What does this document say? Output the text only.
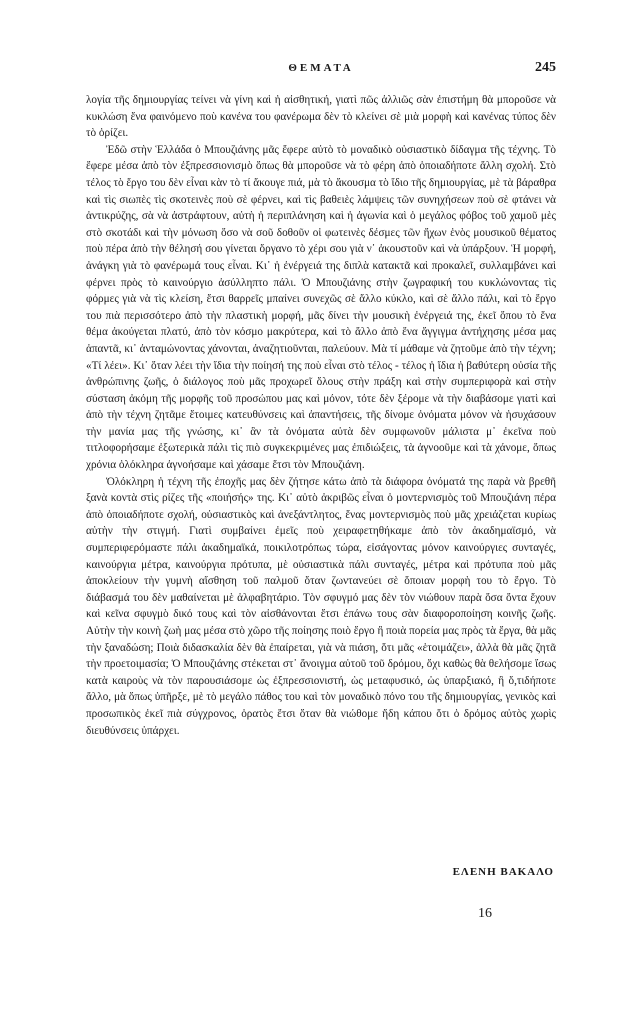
ΘΕΜΑΤΑ	245

λογία τῆς δημιουργίας τείνει νὰ γίνη καὶ ἡ αἰσθητική, γιατὶ πῶς ἀλλιῶς σὰν ἐπιστήμη θὰ μποροῦσε νὰ κυκλώση ἕνα φαινόμενο ποὺ κανένα του φανέρωμα δὲν τὸ κλείνει σὲ μιὰ μορφὴ καὶ κανένας τύπος δὲν τὸ ὁρίζει.

Ἐδῶ στὴν Ἑλλάδα ὁ Μπουζιάνης μᾶς ἔφερε αὐτὸ τὸ μοναδικὸ οὐσιαστικὸ δίδαγμα τῆς τέχνης. Τὸ ἔφερε μέσα ἀπὸ τὸν ἐξπρεσσιονισμὸ ὅπως θὰ μποροῦσε νὰ τὸ φέρη ἀπὸ ὁποιαδήποτε ἄλλη σχολή. Στὸ τέλος τὸ ἔργο του δὲν εἶναι κὰν τὸ τί ἄκουγε πιά, μὰ τὸ ἄκουσμα τὸ ἴδιο τῆς δημιουργίας, μὲ τὰ βάραθρα καὶ τὶς σιωπὲς τὶς σκοτεινὲς ποὺ σὲ φέρνει, καὶ τὶς βαθειὲς λάμψεις τῶν συνηχήσεων ποὺ σὲ φτάνει νὰ ἀντικρύζης, σὰ νὰ ἀστράφτουν, αὐτὴ ἡ περιπλάνηση καὶ ἡ ἀγωνία καὶ ὁ μεγάλος φόβος τοῦ χαμοῦ μὲς στὸ σκοτάδι καὶ τὴν μόνωση ὅσο νὰ σοῦ δοθοῦν οἱ φωτεινὲς δέσμες τῶν ἤχων ἑνὸς μουσικοῦ θέματος ποὺ πέρα ἀπὸ τὴν θέλησή σου γίνεται ὄργανο τὸ χέρι σου γιὰ ν᾿ ἀκουστοῦν καὶ νὰ ὑπάρξουν. Ἡ μορφή, ἀνάγκη γιὰ τὸ φανέρωμά τους εἶναι. Κι᾿ ἡ ἐνέργειά της διπλὰ κατακτᾶ καὶ προκαλεῖ, συλλαμβάνει καὶ φέρνει πρὸς τὸ καινούργιο ἀσύλληπτο πάλι. Ὁ Μπουζιάνης στὴν ζωγραφική του κυκλώνοντας τὶς φόρμες γιὰ νὰ τὶς κλείση, ἔτσι θαρρεῖς μπαίνει συνεχῶς σὲ ἄλλο κύκλο, καὶ σὲ ἄλλο πάλι, καὶ τὸ ἔργο του πιὰ περισσότερο ἀπὸ τὴν πλαστικὴ μορφή, μᾶς δίνει τὴν μουσικὴ ἐνέργειά της, ἐκεῖ ὅπου τὸ ἕνα θέμα ἀκούγεται πλατύ, ἀπὸ τὸν κόσμο μακρύτερα, καὶ τὸ ἄλλο ἀπὸ ἕνα ἄγγιγμα ἀντήχησης μέσα μας ἀπαντᾶ, κι᾿ ἀνταμώνοντας χάνονται, ἀναζητιοῦνται, παλεύουν. Μὰ τί μάθαμε νὰ ζητοῦμε ἀπὸ τὴν τέχνη; «Τί λέει». Κι᾿ ὅταν λέει τὴν ἴδια τὴν ποίησή της ποὺ εἶναι στὸ τέλος - τέλος ἡ ἴδια ἡ βαθύτερη οὐσία τῆς ἀνθρώπινης ζωῆς, ὁ διάλογος ποὺ μᾶς προχωρεῖ ὅλους στὴν πράξη καὶ στὴν συμπεριφορὰ καὶ στὴν σύσταση ἀκόμη τῆς μορφῆς τοῦ προσώπου μας καὶ μόνον, τότε δὲν ξέρομε νὰ τὴν διαβάσομε γιατὶ καὶ ἀπὸ τὴν τέχνη ζητᾶμε ἕτοιμες κατευθύνσεις καὶ ἀπαντήσεις, τῆς δίνομε ὀνόματα μόνον νὰ ἡσυχάσουν τὴν μανία μας τῆς γνώσης, κι᾿ ἂν τὰ ὀνόματα αὐτὰ δὲν συμφωνοῦν μάλιστα μ᾿ ἐκεῖνα ποὺ τιτλοφορήσαμε ἐξωτερικὰ πάλι τὶς πιὸ συγκεκριμένες μας ἐπιδιώξεις, τὰ ἀγνοοῦμε καὶ τὰ χάνομε, ὅπως χρόνια ὁλόκληρα ἀγνοήσαμε καὶ χάσαμε ἔτσι τὸν Μπουζιάνη.

Ὁλόκληρη ἡ τέχνη τῆς ἐποχῆς μας δὲν ζήτησε κάτω ἀπὸ τὰ διάφορα ὀνόματά της παρὰ νὰ βρεθῆ ξανὰ κοντὰ στὶς ρίζες τῆς «ποιήσής» της. Κι᾿ αὐτὸ ἀκριβῶς εἶναι ὁ μοντερνισμὸς τοῦ Μπουζιάνη πέρα ἀπὸ ὁποιαδήποτε σχολή, οὐσιαστικὸς καὶ ἀνεξάντλητος, ἕνας μοντερνισμὸς ποὺ μᾶς χρειάζεται κυρίως αὐτὴν τὴν στιγμή. Γιατὶ συμβαίνει ἐμεῖς ποὺ χειραφετηθήκαμε ἀπὸ τὸν ἀκαδημαϊσμό, νὰ συμπεριφερόμαστε πάλι ἀκαδημαϊκά, ποικιλοτρόπως τώρα, εἰσάγοντας μόνον καινούργιες συνταγές, καινούργια μέτρα, καινούργια πρότυπα, μὲ οὐσιαστικὰ πάλι συνταγές, μέτρα καὶ πρότυπα ποὺ μᾶς ἀποκλείουν τὴν γυμνὴ αἴσθηση τοῦ παλμοῦ ὅταν ζωντανεύει σὲ ὅποιαν μορφὴ του τὸ ἔργο. Τὸ διάβασμά του δὲν μαθαίνεται μὲ ἀλφαβητάριο. Τὸν σφυγμό μας δὲν τὸν νιώθουν παρὰ ὅσα ὄντα ἔχουν καὶ κεῖνα σφυγμὸ δικό τους καὶ τὸν αἰσθάνονται ἔτσι ἐπάνω τους σὰν διαφοροποίηση κοινῆς ζωῆς. Αὐτὴν τὴν κοινὴ ζωὴ μας μέσα στὸ χῶρο τῆς ποίησης ποιὸ ἔργο ἢ ποιὰ πορεία μας πρὸς τὰ ἔργα, θὰ μᾶς τὴν ξαναδώση; Ποιὰ διδασκαλία δὲν θὰ ἐπαίρεται, γιὰ νὰ πιάση, ὅτι μᾶς «ἑτοιμάζει», ἀλλὰ θὰ μᾶς ζητᾶ τὴν προετοιμασία; Ὁ Μπουζιάνης στέκεται στ᾿ ἄνοιγμα αὐτοῦ τοῦ δρόμου, ὄχι καθὼς θὰ θελήσομε ἴσως κατὰ καιροὺς νὰ τὸν παρουσιάσομε ὡς ἐξπρεσσιονιστή, ὡς μεταφυσικό, ὡς ὑπαρξιακό, ἢ ὅ,τιδήποτε ἄλλο, μὰ ὅπως ὑπῆρξε, μὲ τὸ μεγάλο πάθος του καὶ τὸν μοναδικὸ πόνο του τῆς δημιουργίας, γενικὸς καὶ προσωπικὸς ἐκεῖ πιὰ σύγχρονος, ὁρατὸς ἔτσι ὅταν θὰ νιώθομε ἤδη κάπου ὅτι ὁ δρόμος αὐτὸς χωρὶς διευθύνσεις ὑπάρχει.

ΕΛΕΝΗ ΒΑΚΑΛΟ
16
